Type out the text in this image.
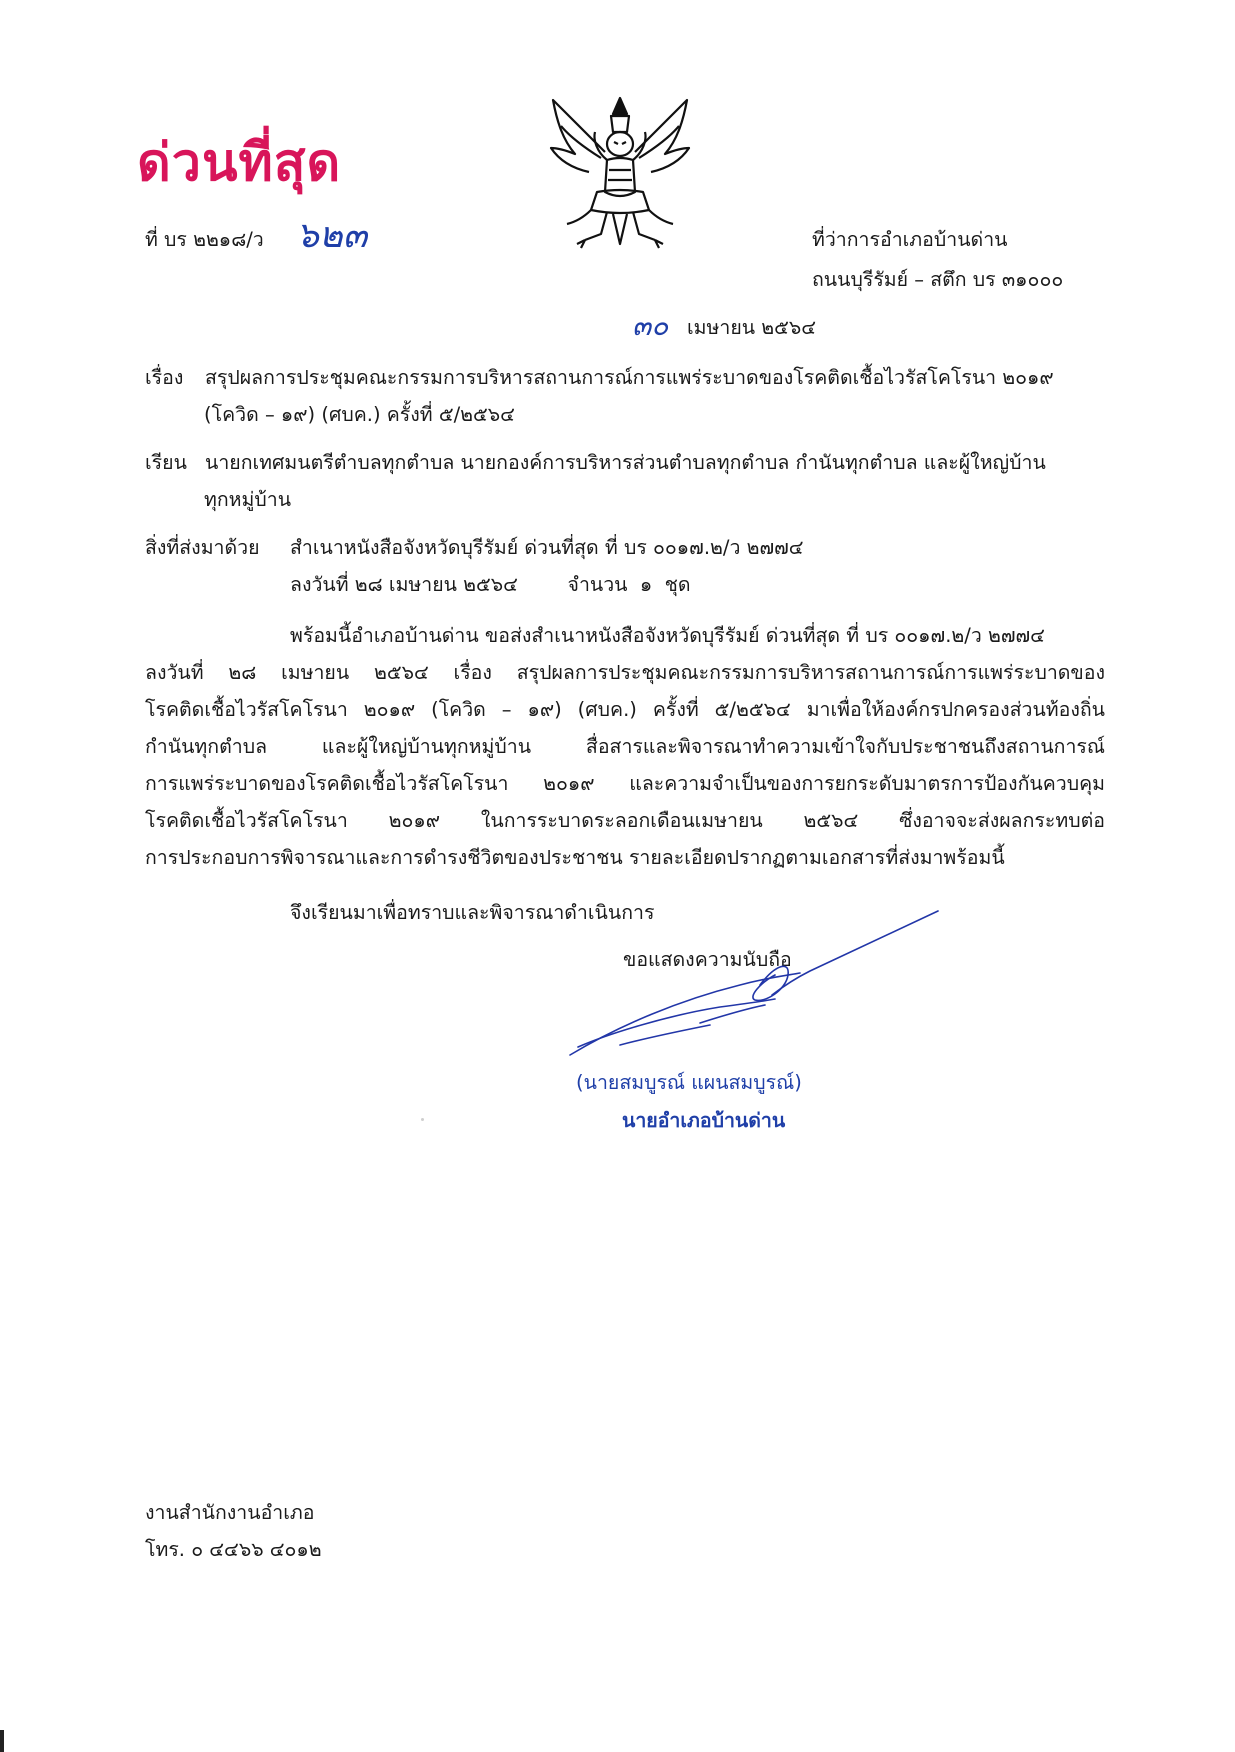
ด่วนที่สุด
ที่ บร ๒๒๑๘/ว ๖๒๓	ที่ว่าการอำเภอบ้านด่าน
ถนนบุรีรัมย์ – สตึก บร ๓๑๐๐๐
๓๐ เมษายน ๒๕๖๔
เรื่อง สรุปผลการประชุมคณะกรรมการบริหารสถานการณ์การแพร่ระบาดของโรคติดเชื้อไวรัสโคโรนา ๒๐๑๙
(โควิด – ๑๙) (ศบค.) ครั้งที่ ๕/๒๕๖๔
เรียน นายกเทศมนตรีตำบลทุกตำบล นายกองค์การบริหารส่วนตำบลทุกตำบล กำนันทุกตำบล และผู้ใหญ่บ้าน
ทุกหมู่บ้าน
สิ่งที่ส่งมาด้วย สำเนาหนังสือจังหวัดบุรีรัมย์ ด่วนที่สุด ที่ บร ๐๐๑๗.๒/ว ๒๗๗๔
ลงวันที่ ๒๘ เมษายน ๒๕๖๔        จำนวน  ๑  ชุด
พร้อมนี้อำเภอบ้านด่าน ขอส่งสำเนาหนังสือจังหวัดบุรีรัมย์ ด่วนที่สุด ที่ บร ๐๐๑๗.๒/ว ๒๗๗๔
ลงวันที่ ๒๘ เมษายน ๒๕๖๔ เรื่อง สรุปผลการประชุมคณะกรรมการบริหารสถานการณ์การแพร่ระบาดของ
โรคติดเชื้อไวรัสโคโรนา ๒๐๑๙ (โควิด – ๑๙) (ศบค.) ครั้งที่ ๕/๒๕๖๔ มาเพื่อให้องค์กรปกครองส่วนท้องถิ่น
กำนันทุกตำบล และผู้ใหญ่บ้านทุกหมู่บ้าน สื่อสารและพิจารณาทำความเข้าใจกับประชาชนถึงสถานการณ์
การแพร่ระบาดของโรคติดเชื้อไวรัสโคโรนา ๒๐๑๙ และความจำเป็นของการยกระดับมาตรการป้องกันควบคุม
โรคติดเชื้อไวรัสโคโรนา ๒๐๑๙ ในการระบาดระลอกเดือนเมษายน ๒๕๖๔ ซึ่งอาจจะส่งผลกระทบต่อ
การประกอบการพิจารณาและการดำรงชีวิตของประชาชน รายละเอียดปรากฏตามเอกสารที่ส่งมาพร้อมนี้
จึงเรียนมาเพื่อทราบและพิจารณาดำเนินการ
ขอแสดงความนับถือ
(นายสมบูรณ์ แผนสมบูรณ์)
นายอำเภอบ้านด่าน
งานสำนักงานอำเภอ
โทร. ๐ ๔๔๖๖ ๔๐๑๒
